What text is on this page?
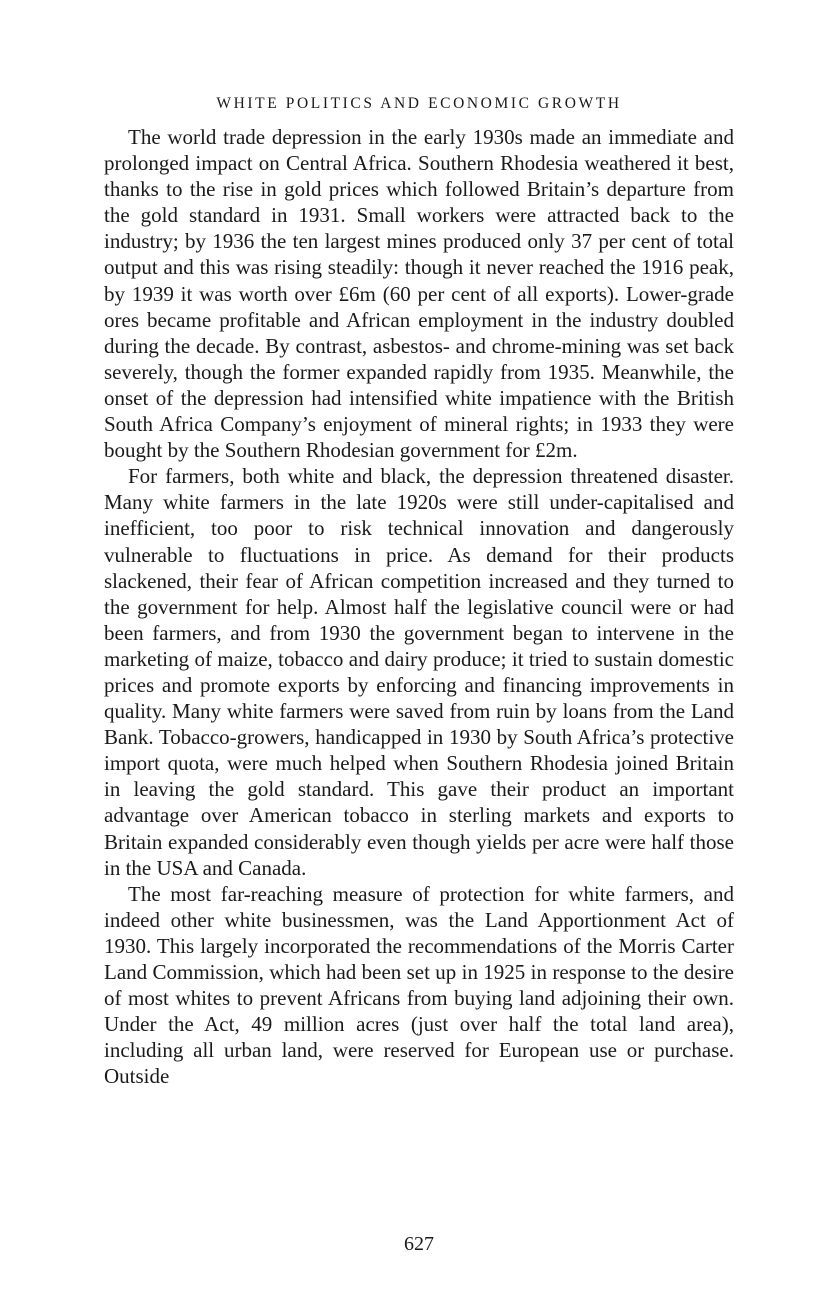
WHITE POLITICS AND ECONOMIC GROWTH

The world trade depression in the early 1930s made an immediate and prolonged impact on Central Africa. Southern Rhodesia weathered it best, thanks to the rise in gold prices which followed Britain’s departure from the gold standard in 1931. Small workers were attracted back to the industry; by 1936 the ten largest mines produced only 37 per cent of total output and this was rising steadily: though it never reached the 1916 peak, by 1939 it was worth over £6m (60 per cent of all exports). Lower-grade ores became profitable and African employment in the industry doubled during the decade. By contrast, asbestos- and chrome-mining was set back severely, though the former expanded rapidly from 1935. Meanwhile, the onset of the depression had intensified white impatience with the British South Africa Company’s enjoyment of mineral rights; in 1933 they were bought by the Southern Rhodesian government for £2m.

For farmers, both white and black, the depression threatened disaster. Many white farmers in the late 1920s were still under-capitalised and inefficient, too poor to risk technical innovation and dangerously vulnerable to fluctuations in price. As demand for their products slackened, their fear of African competition increased and they turned to the government for help. Almost half the legislative council were or had been farmers, and from 1930 the government began to intervene in the marketing of maize, tobacco and dairy produce; it tried to sustain domestic prices and promote exports by enforcing and financing improvements in quality. Many white farmers were saved from ruin by loans from the Land Bank. Tobacco-growers, handicapped in 1930 by South Africa’s protective import quota, were much helped when Southern Rhodesia joined Britain in leaving the gold standard. This gave their product an important advantage over American tobacco in sterling markets and exports to Britain expanded considerably even though yields per acre were half those in the USA and Canada.

The most far-reaching measure of protection for white farmers, and indeed other white businessmen, was the Land Apportionment Act of 1930. This largely incorporated the recommendations of the Morris Carter Land Commission, which had been set up in 1925 in response to the desire of most whites to prevent Africans from buying land adjoining their own. Under the Act, 49 million acres (just over half the total land area), including all urban land, were reserved for European use or purchase. Outside

627
